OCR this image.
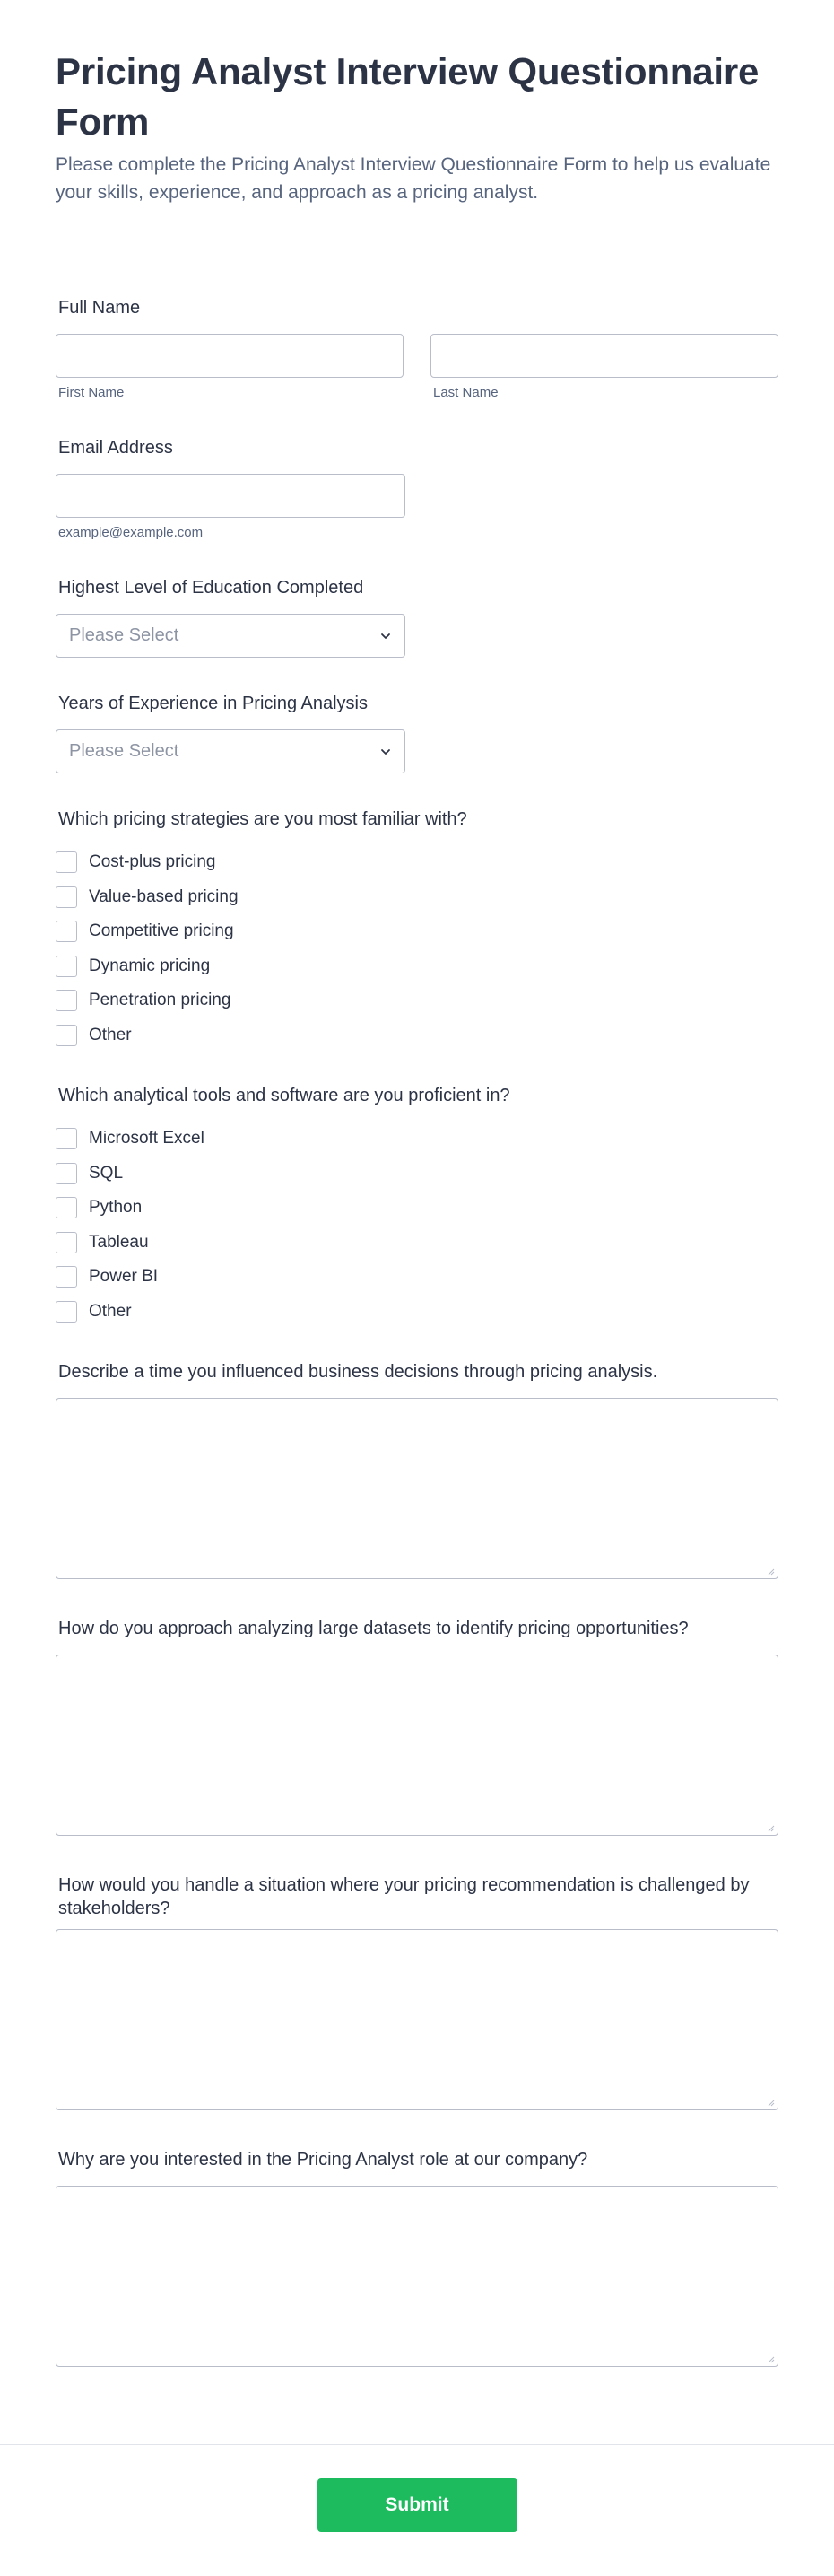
Pricing Analyst Interview Questionnaire Form

Please complete the Pricing Analyst Interview Questionnaire Form to help us evaluate your skills, experience, and approach as a pricing analyst.

Full Name
First Name	Last Name
Email Address
example@example.com
Highest Level of Education Completed
Please Select
Years of Experience in Pricing Analysis
Please Select
Which pricing strategies are you most familiar with?
Cost-plus pricing
Value-based pricing
Competitive pricing
Dynamic pricing
Penetration pricing
Other
Which analytical tools and software are you proficient in?
Microsoft Excel
SQL
Python
Tableau
Power BI
Other
Describe a time you influenced business decisions through pricing analysis.
How do you approach analyzing large datasets to identify pricing opportunities?
How would you handle a situation where your pricing recommendation is challenged by stakeholders?
Why are you interested in the Pricing Analyst role at our company?
Submit
